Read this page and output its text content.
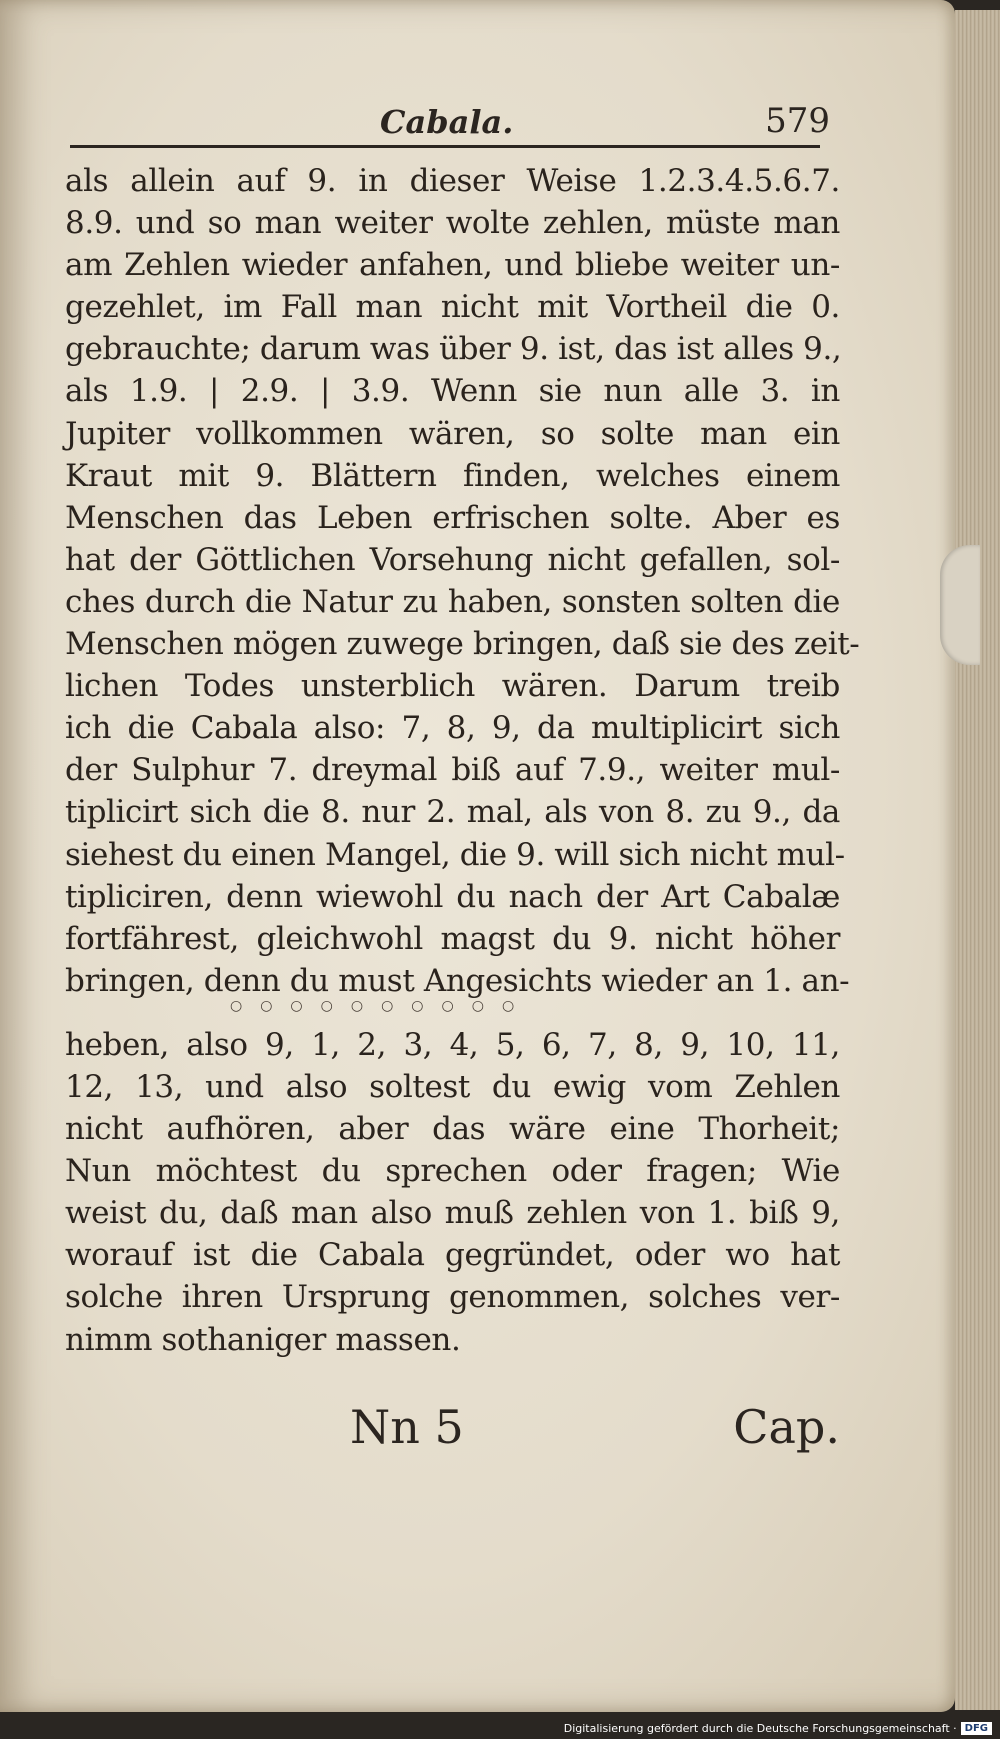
Cabala.	579
als allein auf 9. in dieser Weise 1.2.3.4.5.6.7.
8.9. und so man weiter wolte zehlen, müste man
am Zehlen wieder anfahen, und bliebe weiter un-
gezehlet, im Fall man nicht mit Vortheil die 0.
gebrauchte; darum was über 9. ist, das ist alles 9.,
als 1.9. | 2.9. | 3.9. Wenn sie nun alle 3. in
Jupiter vollkommen wären, so solte man ein
Kraut mit 9. Blättern finden, welches einem
Menschen das Leben erfrischen solte. Aber es
hat der Göttlichen Vorsehung nicht gefallen, sol-
ches durch die Natur zu haben, sonsten solten die
Menschen mögen zuwege bringen, daß sie des zeit-
lichen Todes unsterblich wären. Darum treib
ich die Cabala also: 7, 8, 9, da multiplicirt sich
der Sulphur 7. dreymal biß auf 7.9., weiter mul-
tiplicirt sich die 8. nur 2. mal, als von 8. zu 9., da
siehest du einen Mangel, die 9. will sich nicht mul-
tipliciren, denn wiewohl du nach der Art Cabalæ
fortfährest, gleichwohl magst du 9. nicht höher
bringen, denn du must Angesichts wieder an 1. an-
heben, also 9, 1, 2, 3, 4, 5, 6, 7, 8, 9, 10, 11,
12, 13, und also soltest du ewig vom Zehlen
nicht aufhören, aber das wäre eine Thorheit;
Nun möchtest du sprechen oder fragen; Wie
weist du, daß man also muß zehlen von 1. biß 9,
worauf ist die Cabala gegründet, oder wo hat
solche ihren Ursprung genommen, solches ver-
nimm sothaniger massen.
○○○○○○○○○○
Nn 5	Cap.
Digitalisierung gefördert durch die Deutsche Forschungsgemeinschaft · DFG
